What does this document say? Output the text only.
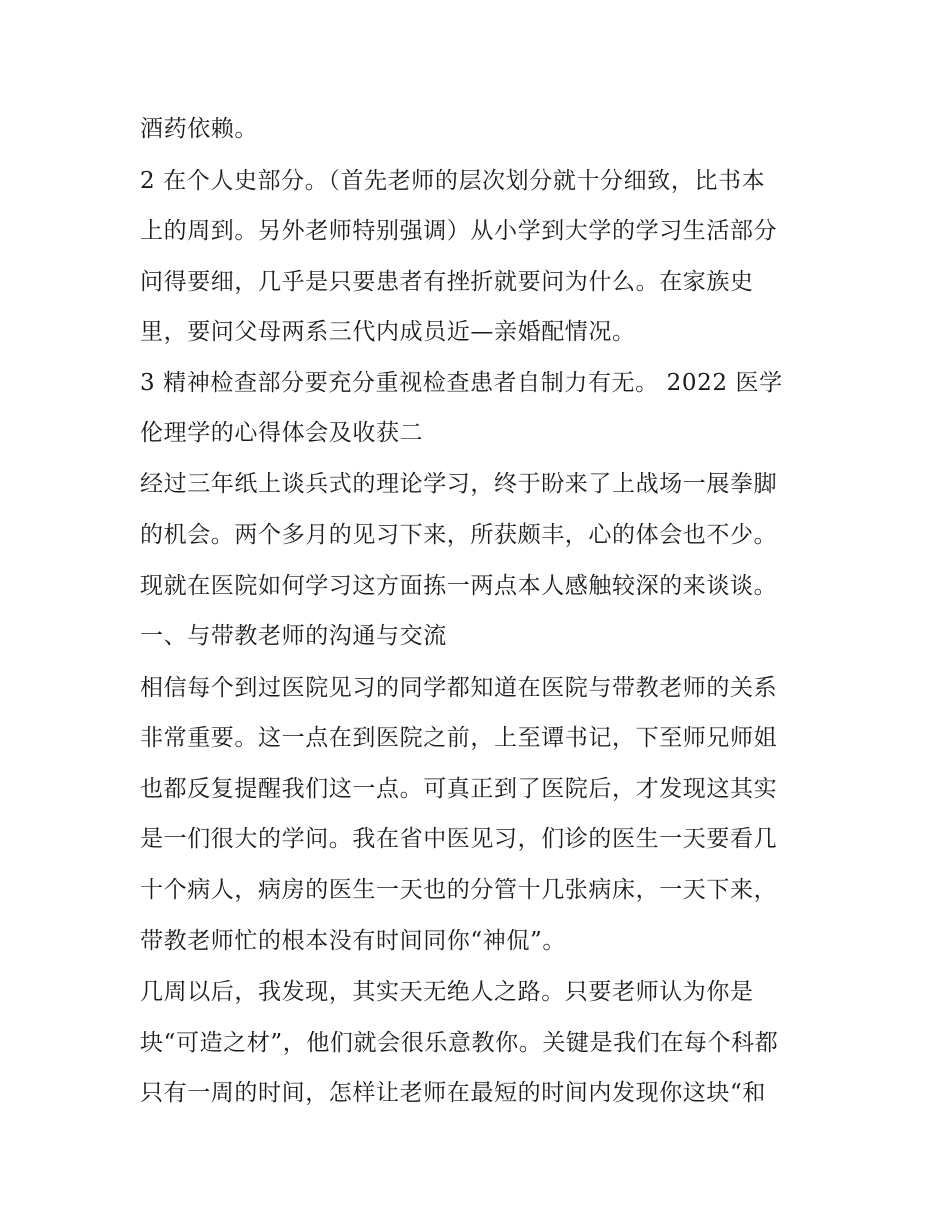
酒药依赖。

2 在个人史部分。（首先老师的层次划分就十分细致，比书本

上的周到。另外老师特别强调）从小学到大学的学习生活部分

问得要细，几乎是只要患者有挫折就要问为什么。在家族史

里，要问父母两系三代内成员近—亲婚配情况。

3 精神检查部分要充分重视检查患者自制力有无。 2022 医学

伦理学的心得体会及收获二

经过三年纸上谈兵式的理论学习，终于盼来了上战场一展拳脚

的机会。两个多月的见习下来，所获颇丰，心的体会也不少。

现就在医院如何学习这方面拣一两点本人感触较深的来谈谈。

一、与带教老师的沟通与交流

相信每个到过医院见习的同学都知道在医院与带教老师的关系

非常重要。这一点在到医院之前，上至谭书记，下至师兄师姐

也都反复提醒我们这一点。可真正到了医院后，才发现这其实

是一们很大的学问。我在省中医见习，们诊的医生一天要看几

十个病人，病房的医生一天也的分管十几张病床，一天下来，

带教老师忙的根本没有时间同你“神侃”。

几周以后，我发现，其实天无绝人之路。只要老师认为你是

块“可造之材”，他们就会很乐意教你。关键是我们在每个科都

只有一周的时间，怎样让老师在最短的时间内发现你这块“和
